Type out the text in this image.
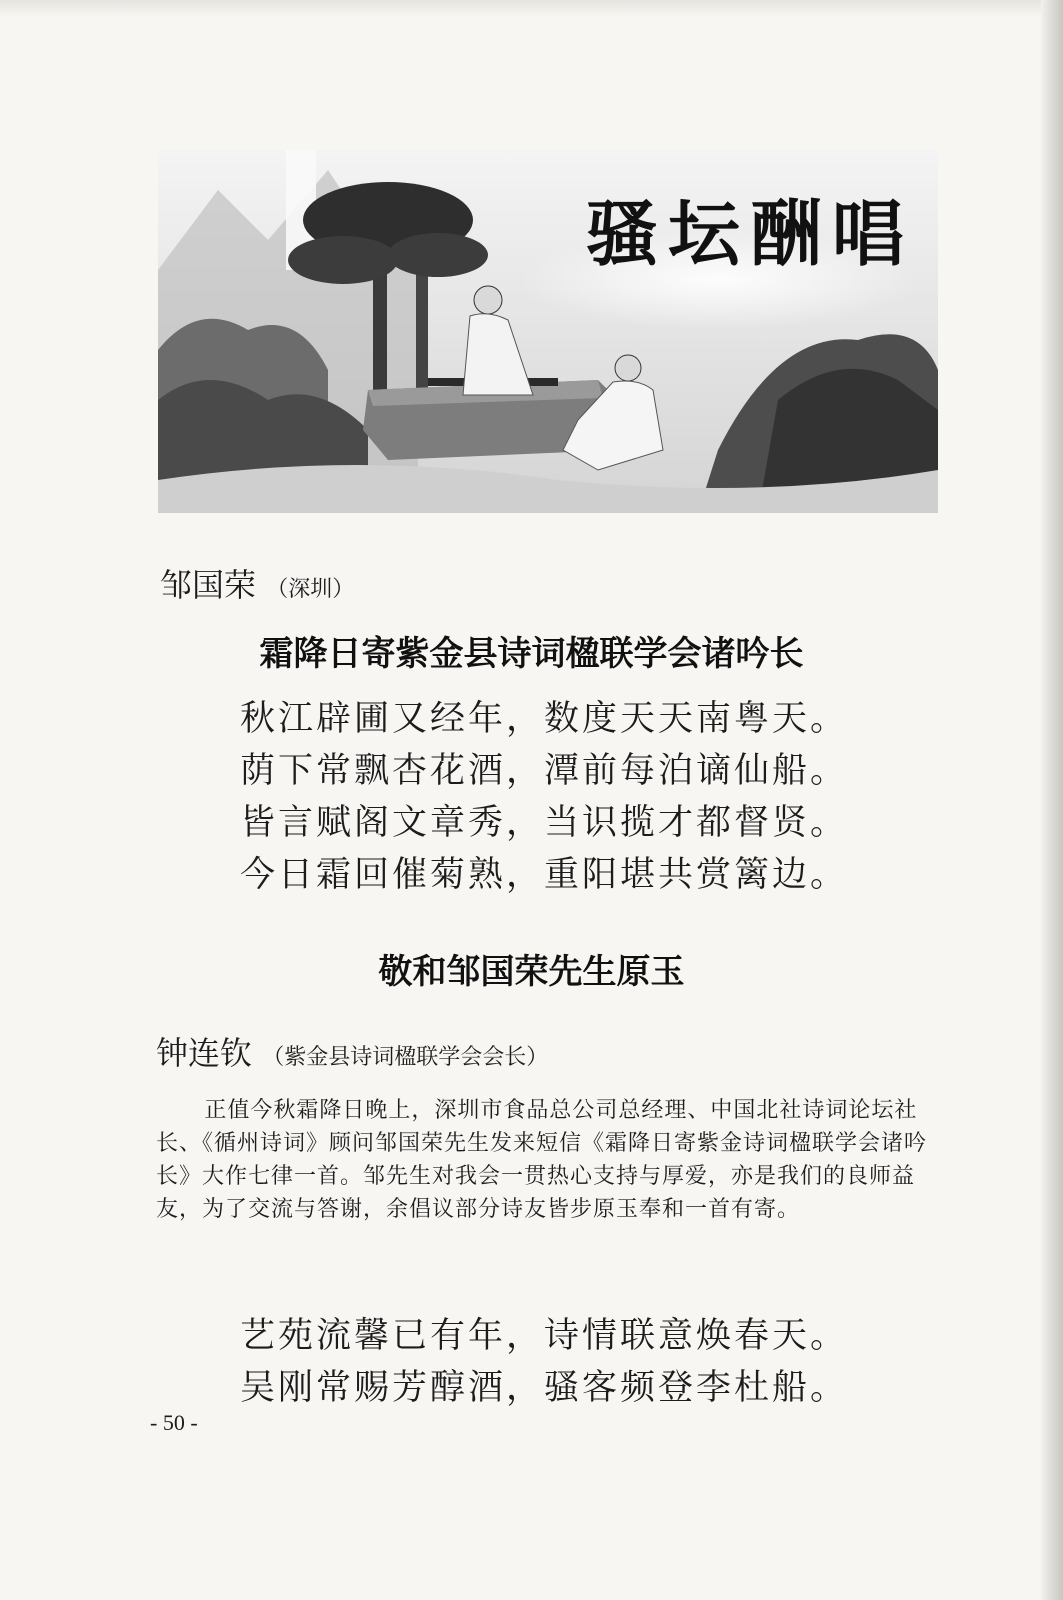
骚坛酬唱
邹国荣 （深圳）
霜降日寄紫金县诗词楹联学会诸吟长
秋江辟圃又经年，数度天天南粤天。
荫下常飘杏花酒，潭前每泊谪仙船。
皆言赋阁文章秀，当识揽才都督贤。
今日霜回催菊熟，重阳堪共赏篱边。
敬和邹国荣先生原玉
钟连钦 （紫金县诗词楹联学会会长）

正值今秋霜降日晚上，深圳市食品总公司总经理、中国北社诗词论坛社长、《循州诗词》顾问邹国荣先生发来短信《霜降日寄紫金诗词楹联学会诸吟长》大作七律一首。邹先生对我会一贯热心支持与厚爱，亦是我们的良师益友，为了交流与答谢，余倡议部分诗友皆步原玉奉和一首有寄。

艺苑流馨已有年，诗情联意焕春天。
吴刚常赐芳醇酒，骚客频登李杜船。
- 50 -
